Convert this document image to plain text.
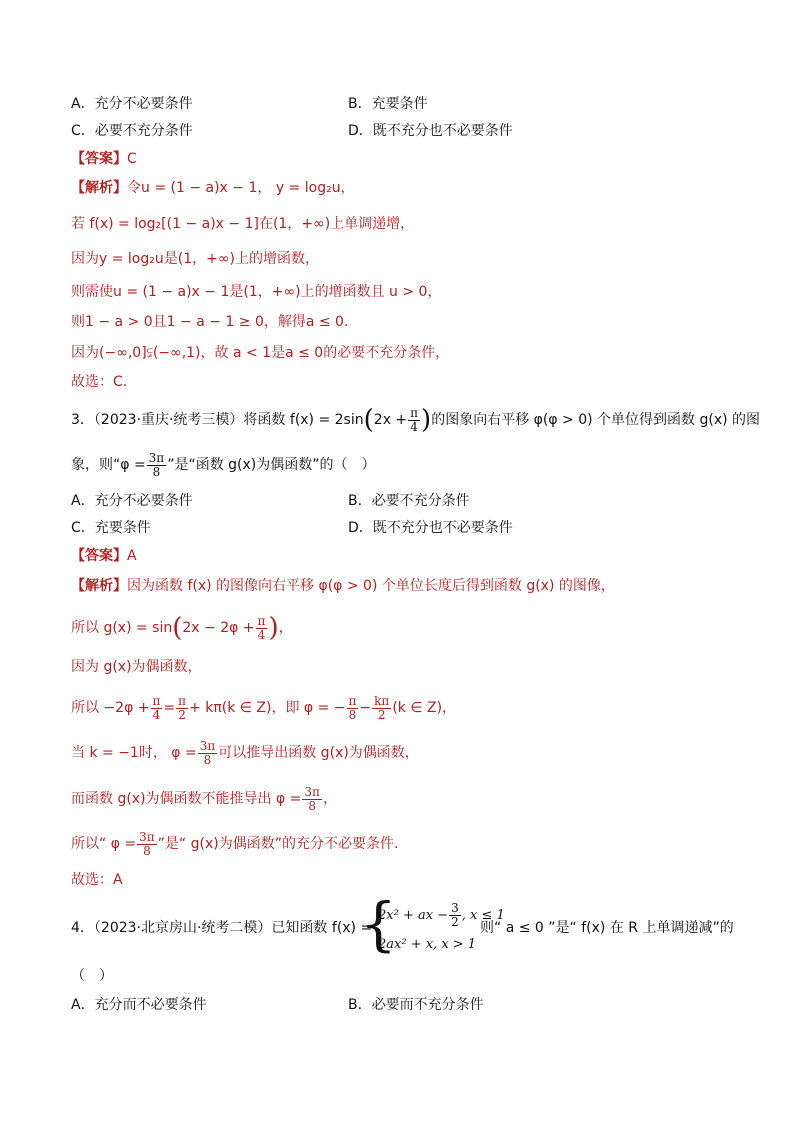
A．充分不必要条件	B．充要条件
C．必要不充分条件	D．既不充分也不必要条件
【答案】C
【解析】令u = (1 − a)x − 1， y = log₂u，
若 f(x) = log₂[(1 − a)x − 1]在(1，+∞)上单调递增，
因为y = log₂u是(1，+∞)上的增函数，
则需使u = (1 − a)x − 1是(1，+∞)上的增函数且 u > 0，
则1 − a > 0且1 − a − 1 ≥ 0，解得a ≤ 0.
因为(−∞,0]⫋(−∞,1)，故 a < 1是a ≤ 0的必要不充分条件，
故选：C.
3．（2023·重庆·统考三模）将函数 $f(x) = 2\sin(2x + \frac{\pi}{4}$ )的图象向右平移 φ(φ > 0) 个单位得到函数 g(x) 的图
象，则“$\varphi = \frac{3\pi}{8}$ ”是“函数 g(x)为偶函数”的（　）
A．充分不必要条件	B．必要不充分条件
C．充要条件	D．既不充分也不必要条件
【答案】A
【解析】因为函数 f(x) 的图像向右平移 φ(φ > 0) 个单位长度后得到函数 g(x) 的图像，
所以 $g(x) = \sin(2x - 2\varphi + \frac{\pi}{4}$ )，
因为 g(x)为偶函数，
所以 $-2\varphi + \frac{\pi}{4} = \frac{\pi}{2} + k\pi(k$ ∈ Z)，即 φ = − $\frac{\pi}{8} - \frac{k\pi}{2} (k$ ∈ Z)，
当 k = −1时， $\varphi = \frac{3\pi}{8}$ 可以推导出函数 g(x)为偶函数，
而函数 g(x)为偶函数不能推导出 $\varphi = \frac{3\pi}{8}$ ，
所以“ $\varphi = \frac{3\pi}{8}$ ”是“ g(x)为偶函数”的充分不必要条件.
故选：A
4．（2023·北京房山·统考二模）已知函数 f(x) =
{
2x² + ax − $\frac{3}{2}$ , x ≤ 1
2ax² + x, x > 1
则“ a ≤ 0 ”是“ f(x) 在 R 上单调递减”的
（　）
A．充分而不必要条件	B．必要而不充分条件
